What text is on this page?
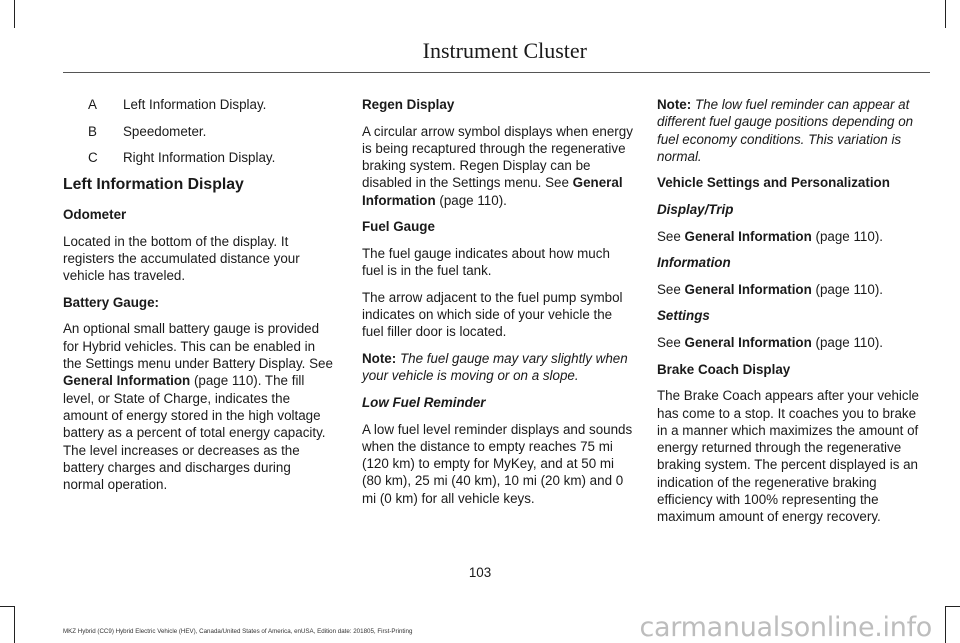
Instrument Cluster
A	Left Information Display.
B	Speedometer.
C	Right Information Display.

Left Information Display

Odometer

Located in the bottom of the display. It registers the accumulated distance your vehicle has traveled.

Battery Gauge:

An optional small battery gauge is provided for Hybrid vehicles. This can be enabled in the Settings menu under Battery Display. See General Information (page 110). The fill level, or State of Charge, indicates the amount of energy stored in the high voltage battery as a percent of total energy capacity. The level increases or decreases as the battery charges and discharges during normal operation.

Regen Display

A circular arrow symbol displays when energy is being recaptured through the regenerative braking system. Regen Display can be disabled in the Settings menu. See General Information (page 110).

Fuel Gauge

The fuel gauge indicates about how much fuel is in the fuel tank.

The arrow adjacent to the fuel pump symbol indicates on which side of your vehicle the fuel filler door is located.

Note: The fuel gauge may vary slightly when your vehicle is moving or on a slope.

Low Fuel Reminder

A low fuel level reminder displays and sounds when the distance to empty reaches 75 mi (120 km) to empty for MyKey, and at 50 mi (80 km), 25 mi (40 km), 10 mi (20 km) and 0 mi (0 km) for all vehicle keys.

Note: The low fuel reminder can appear at different fuel gauge positions depending on fuel economy conditions. This variation is normal.

Vehicle Settings and Personalization

Display/Trip

See General Information (page 110).

Information

See General Information (page 110).

Settings

See General Information (page 110).

Brake Coach Display

The Brake Coach appears after your vehicle has come to a stop. It coaches you to brake in a manner which maximizes the amount of energy returned through the regenerative braking system. The percent displayed is an indication of the regenerative braking efficiency with 100% representing the maximum amount of energy recovery.

103
MKZ Hybrid (CC9) Hybrid Electric Vehicle (HEV), Canada/United States of America, enUSA, Edition date: 201805, First-Printing	carmanualsonline.info
